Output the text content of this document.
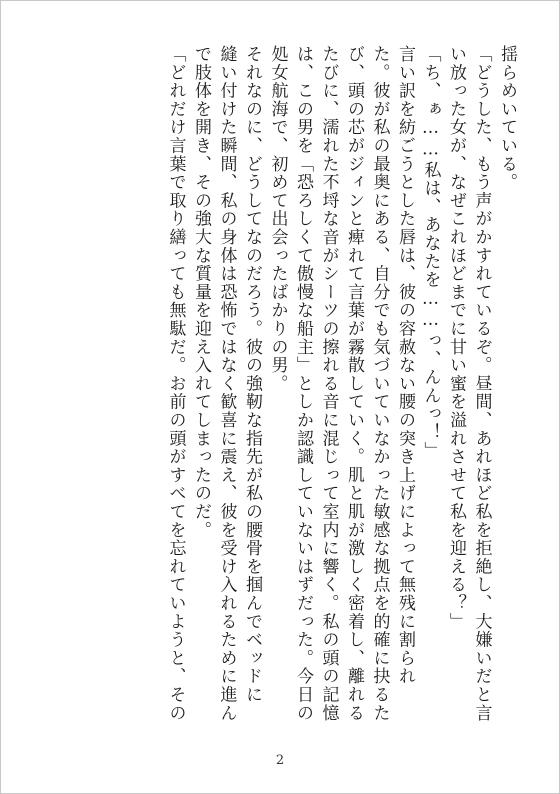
揺らめいている。
「どうした、もう声がかすれているぞ。昼間、あれほど私を拒絶し、大嫌いだと言
い放った女が、なぜこれほどまでに甘い蜜を溢れさせて私を迎える？」
「ち、ぁ……私は、あなたを……っ、んんっ！」
言い訳を紡ごうとした唇は、彼の容赦ない腰の突き上げによって無残に割られ
た。彼が私の最奥にある、自分でも気づいていなかった敏感な拠点を的確に抉るた
び、頭の芯がジィンと痺れて言葉が霧散していく。肌と肌が激しく密着し、離れる
たびに、濡れた不埒な音がシーツの擦れる音に混じって室内に響く。私の頭の記憶
は、この男を「恐ろしくて傲慢な船主」としか認識していないはずだった。今日の
処女航海で、初めて出会ったばかりの男。
それなのに、どうしてなのだろう。彼の強靭な指先が私の腰骨を掴んでベッドに
縫い付けた瞬間、私の身体は恐怖ではなく歓喜に震え、彼を受け入れるために進ん
で肢体を開き、その強大な質量を迎え入れてしまったのだ。
「どれだけ言葉で取り繕っても無駄だ。お前の頭がすべてを忘れていようと、その
2
